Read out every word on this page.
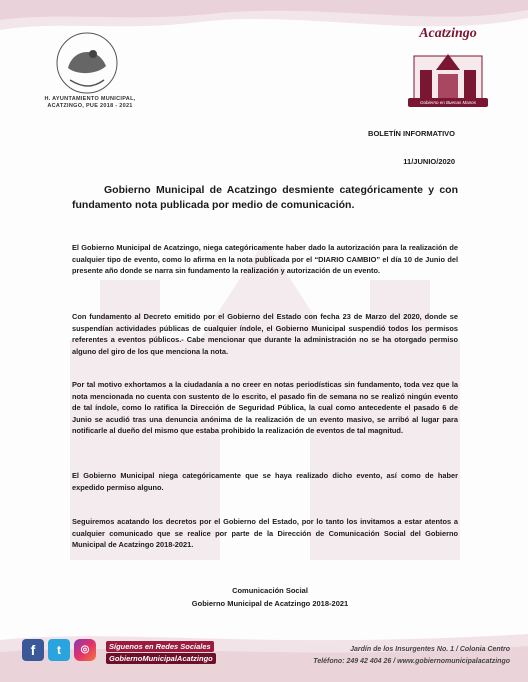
H. AYUNTAMIENTO MUNICIPAL,
ACATZINGO, PUE 2018 - 2021
Acatzingo
Gobierno en Buenas Manos
BOLETÍN INFORMATIVO
11/JUNIO/2020
Gobierno Municipal de Acatzingo desmiente categóricamente y con fundamento nota publicada por medio de comunicación.

El Gobierno Municipal de Acatzingo, niega categóricamente haber dado la autorización para la realización de cualquier tipo de evento, como lo afirma en la nota publicada por el “DIARIO CAMBIO” el día 10 de Junio del presente año donde se narra sin fundamento la realización y autorización de un evento.

Con fundamento al Decreto emitido por el Gobierno del Estado con fecha 23 de Marzo del 2020, donde se suspendían actividades públicas de cualquier índole, el Gobierno Municipal suspendió todos los permisos referentes a eventos públicos.- Cabe mencionar que durante la administración no se ha otorgado permiso alguno del giro de los que menciona la nota.

Por tal motivo exhortamos a la ciudadanía a no creer en notas periodísticas sin fundamento, toda vez que la nota mencionada no cuenta con sustento de lo escrito, el pasado fin de semana no se realizó ningún evento de tal índole, como lo ratifica la Dirección de Seguridad Pública, la cual como antecedente el pasado 6 de Junio se acudió tras una denuncia anónima de la realización de un evento masivo, se arribó al lugar para notificarle al dueño del mismo que estaba prohibido la realización de eventos de tal magnitud.

El Gobierno Municipal niega categóricamente que se haya realizado dicho evento, así como de haber expedido permiso alguno.

Seguiremos acatando los decretos por el Gobierno del Estado, por lo tanto los invitamos a estar atentos a cualquier comunicado que se realice por parte de la Dirección de Comunicación Social del Gobierno Municipal de Acatzingo 2018-2021.

Comunicación Social
Gobierno Municipal de Acatzingo 2018-2021
f	t	◎	Síguenos en Redes Sociales
GobiernoMunicipalAcatzingo
Jardín de los Insurgentes No. 1 / Colonia Centro
Teléfono: 249 42 404 26 / www.gobiernomunicipalacatzingo
